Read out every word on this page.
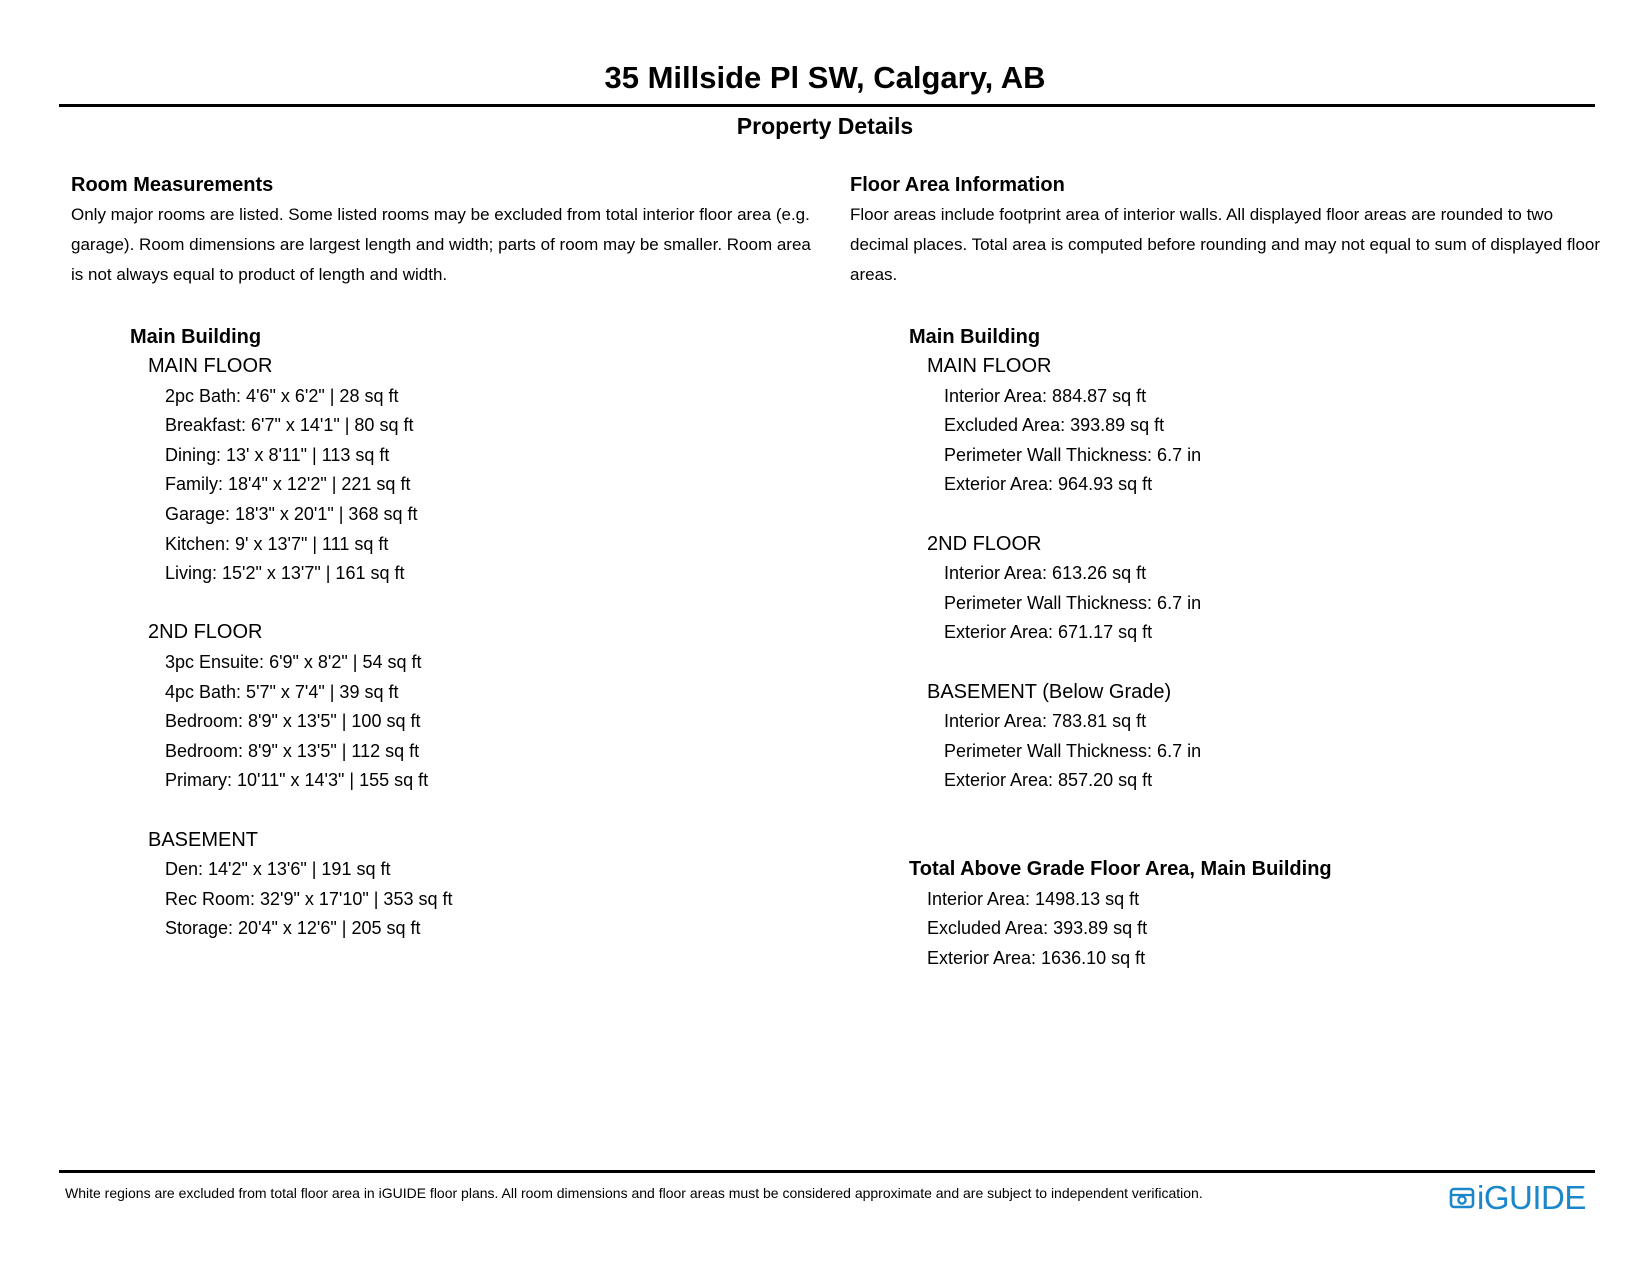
35 Millside Pl SW, Calgary, AB
Property Details
Room Measurements
Only major rooms are listed. Some listed rooms may be excluded from total interior floor area (e.g. garage). Room dimensions are largest length and width; parts of room may be smaller. Room area is not always equal to product of length and width.
Main Building
MAIN FLOOR
2pc Bath: 4'6" x 6'2" | 28 sq ft
Breakfast: 6'7" x 14'1" | 80 sq ft
Dining: 13' x 8'11" | 113 sq ft
Family: 18'4" x 12'2" | 221 sq ft
Garage: 18'3" x 20'1" | 368 sq ft
Kitchen: 9' x 13'7" | 111 sq ft
Living: 15'2" x 13'7" | 161 sq ft
2ND FLOOR
3pc Ensuite: 6'9" x 8'2" | 54 sq ft
4pc Bath: 5'7" x 7'4" | 39 sq ft
Bedroom: 8'9" x 13'5" | 100 sq ft
Bedroom: 8'9" x 13'5" | 112 sq ft
Primary: 10'11" x 14'3" | 155 sq ft
BASEMENT
Den: 14'2" x 13'6" | 191 sq ft
Rec Room: 32'9" x 17'10" | 353 sq ft
Storage: 20'4" x 12'6" | 205 sq ft
Floor Area Information
Floor areas include footprint area of interior walls. All displayed floor areas are rounded to two decimal places. Total area is computed before rounding and may not equal to sum of displayed floor areas.
Main Building
MAIN FLOOR
Interior Area: 884.87 sq ft
Excluded Area: 393.89 sq ft
Perimeter Wall Thickness: 6.7 in
Exterior Area: 964.93 sq ft
2ND FLOOR
Interior Area: 613.26 sq ft
Perimeter Wall Thickness: 6.7 in
Exterior Area: 671.17 sq ft
BASEMENT (Below Grade)
Interior Area: 783.81 sq ft
Perimeter Wall Thickness: 6.7 in
Exterior Area: 857.20 sq ft
Total Above Grade Floor Area, Main Building
Interior Area: 1498.13 sq ft
Excluded Area: 393.89 sq ft
Exterior Area: 1636.10 sq ft
White regions are excluded from total floor area in iGUIDE floor plans. All room dimensions and floor areas must be considered approximate and are subject to independent verification.	iGUIDE
